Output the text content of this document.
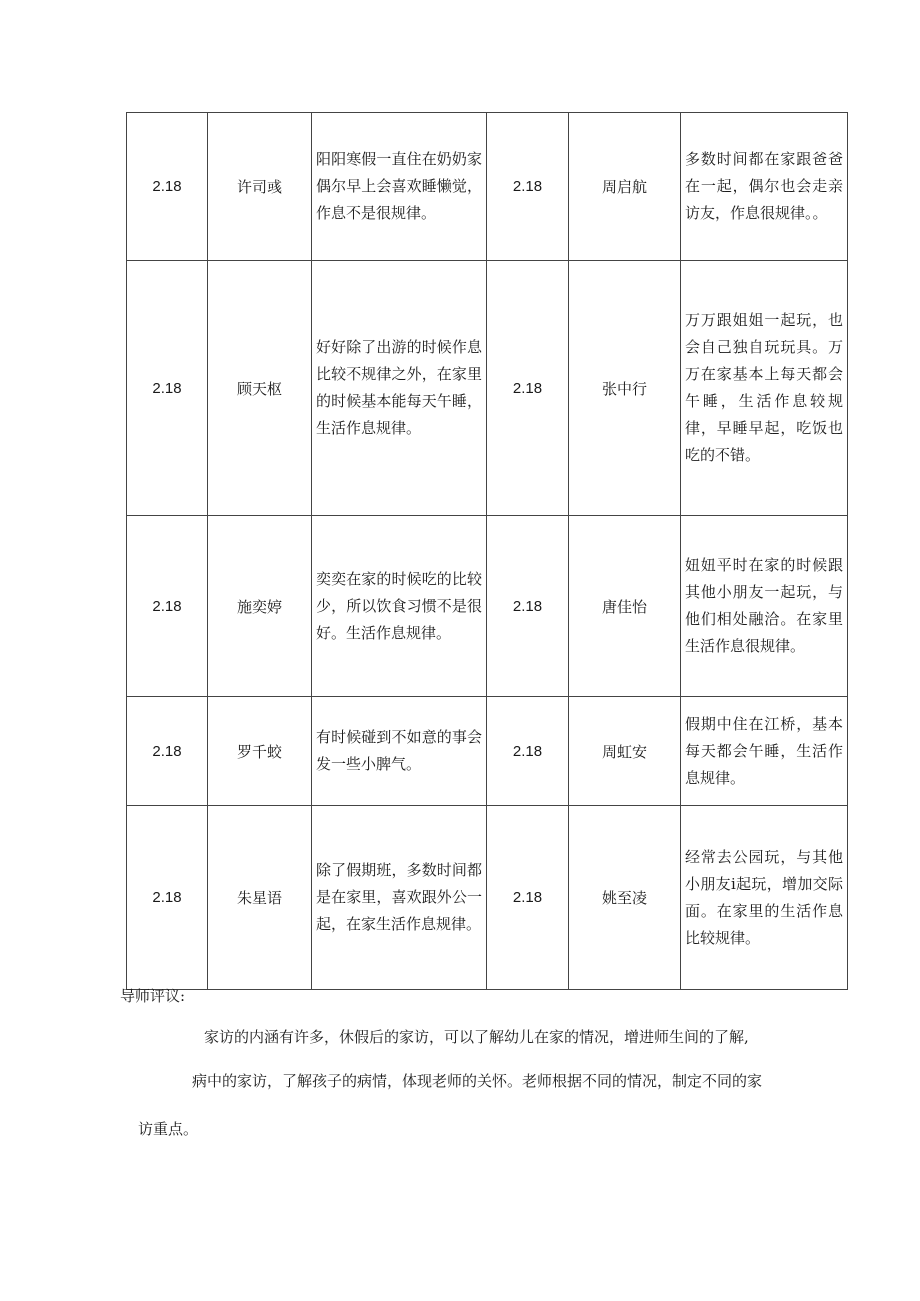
2.18	许司彧	阳阳寒假一直住在奶奶家偶尔早上会喜欢睡懒觉，作息不是很规律。	2.18	周启航	多数时间都在家跟爸爸在一起，偶尔也会走亲访友，作息很规律。。
2.18	顾天枢	好好除了出游的时候作息比较不规律之外，在家里的时候基本能每天午睡，生活作息规律。	2.18	张中行	万万跟姐姐一起玩，也会自己独自玩玩具。万万在家基本上每天都会午睡，生活作息较规律，早睡早起，吃饭也吃的不错。
2.18	施奕婷	奕奕在家的时候吃的比较少，所以饮食习惯不是很好。生活作息规律。	2.18	唐佳怡	妞妞平时在家的时候跟其他小朋友一起玩，与他们相处融洽。在家里生活作息很规律。
2.18	罗千蛟	有时候碰到不如意的事会发一些小脾气。	2.18	周虹安	假期中住在江桥，基本每天都会午睡，生活作息规律。
2.18	朱星语	除了假期班，多数时间都是在家里，喜欢跟外公一起，在家生活作息规律。	2.18	姚至凌	经常去公园玩，与其他小朋友i起玩，增加交际面。在家里的生活作息比较规律。
导师评议:
家访的内涵有许多，休假后的家访，可以了解幼儿在家的情况，增进师生间的了解,
病中的家访，了解孩子的病情，体现老师的关怀。老师根据不同的情况，制定不同的家
访重点。
